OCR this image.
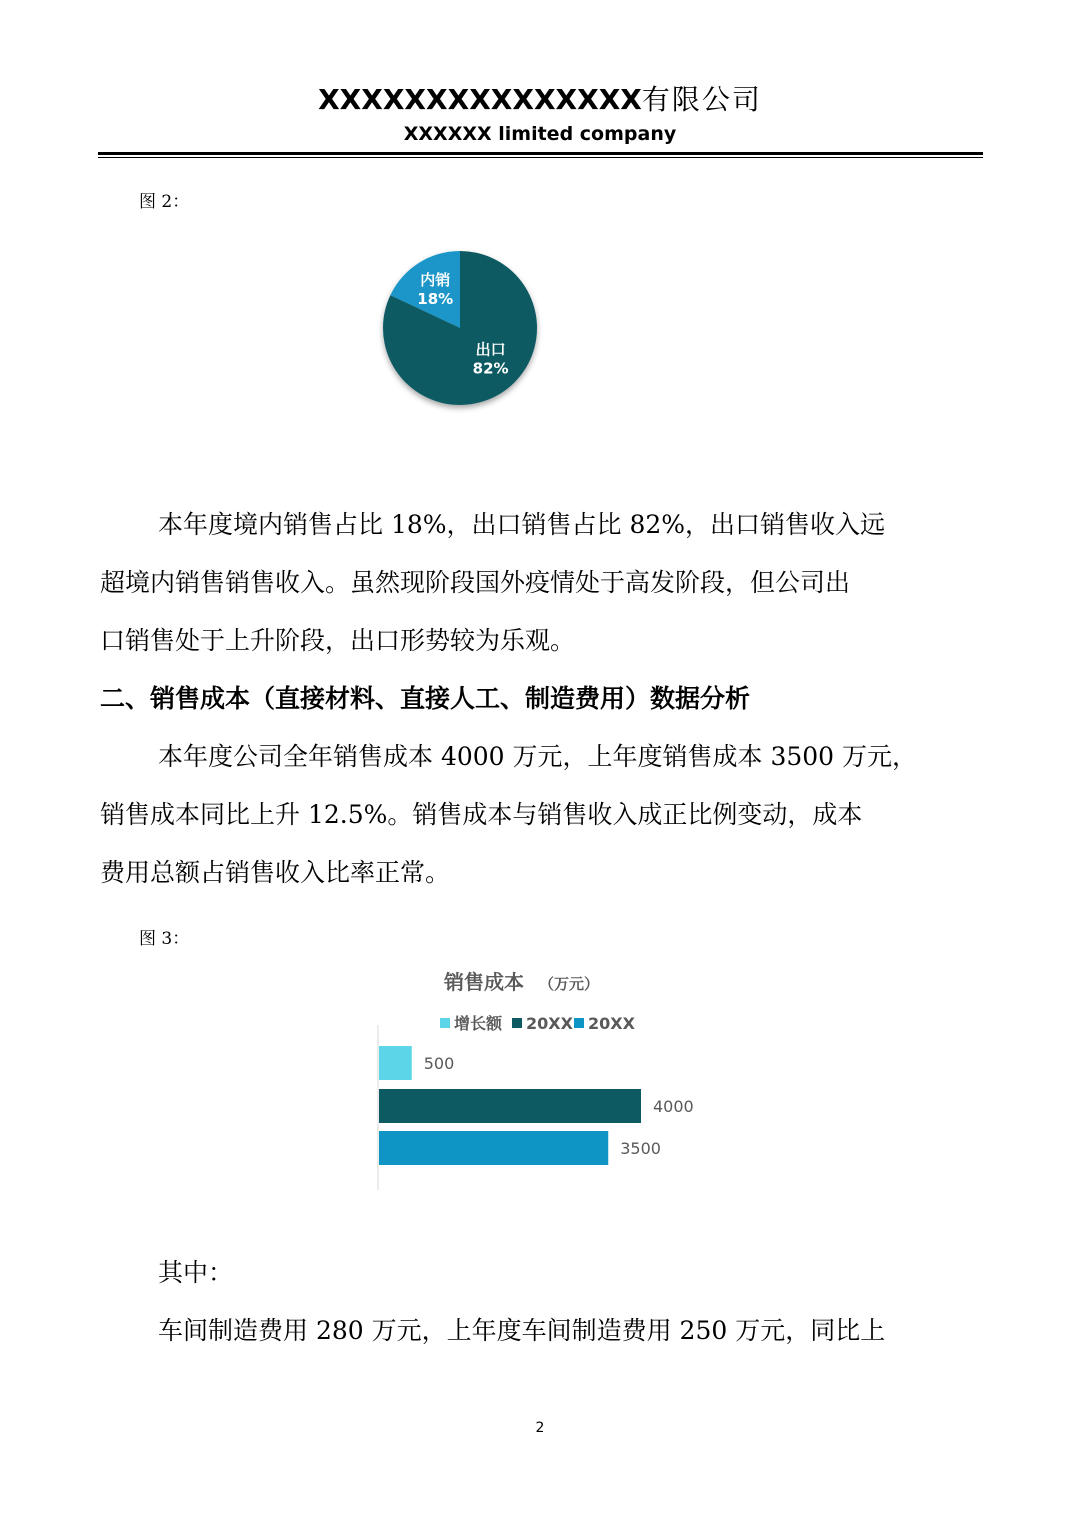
XXXXXXXXXXXXXXX有限公司
XXXXXX limited company
图 2：
内销
18%
出口
82%
本年度境内销售占比 18%，出口销售占比 82%，出口销售收入远
超境内销售销售收入。虽然现阶段国外疫情处于高发阶段，但公司出
口销售处于上升阶段，出口形势较为乐观。
二、销售成本（直接材料、直接人工、制造费用）数据分析
本年度公司全年销售成本 4000 万元，上年度销售成本 3500 万元，
销售成本同比上升 12.5%。销售成本与销售收入成正比例变动，成本
费用总额占销售收入比率正常。
图 3：
销售成本 （万元）
增长额 20XX 20XX
500
4000
3500
其中：
车间制造费用 280 万元，上年度车间制造费用 250 万元，同比上
2
